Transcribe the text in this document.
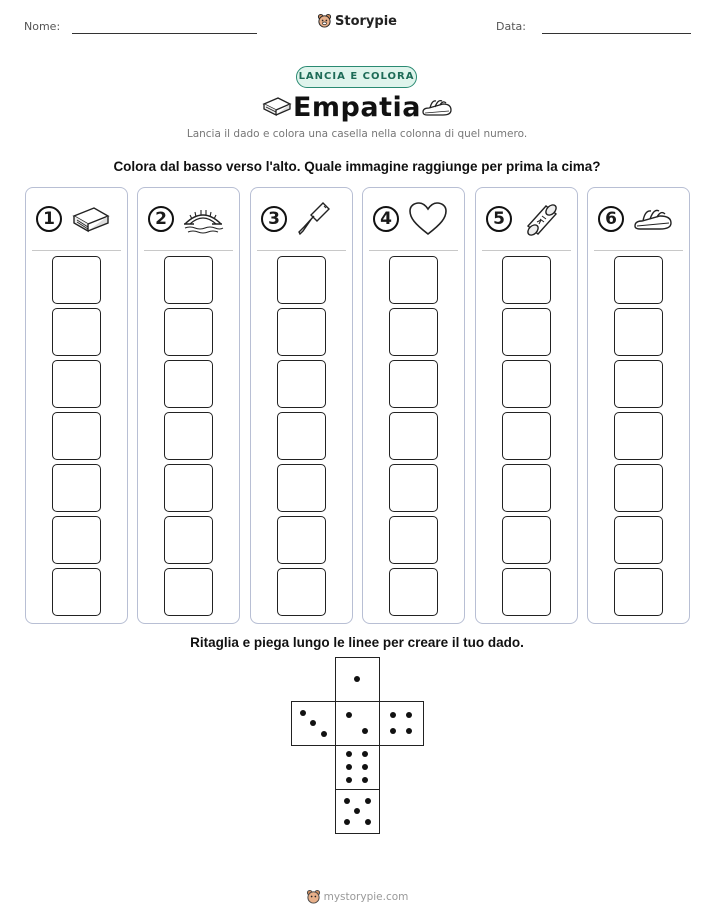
Nome:	Storypie	Data:
LANCIA E COLORA
Empatia
Lancia il dado e colora una casella nella colonna di quel numero.
Colora dal basso verso l'alto. Quale immagine raggiunge per prima la cima?
1	2	3	4	5	6
Ritaglia e piega lungo le linee per creare il tuo dado.
mystorypie.com
